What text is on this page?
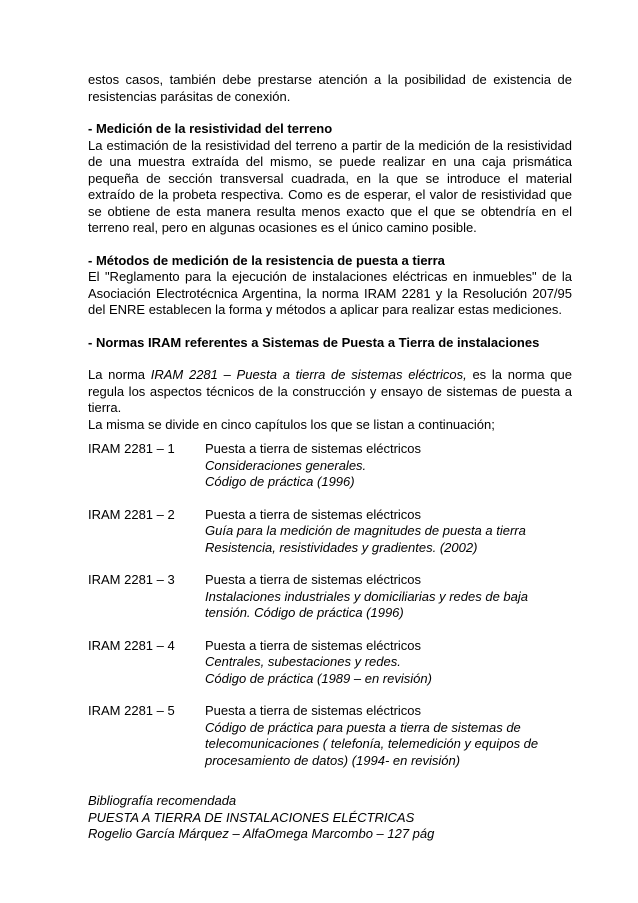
estos casos, también debe prestarse atención a la posibilidad de existencia de resistencias parásitas de conexión.

- Medición de la resistividad del terreno

La estimación de la resistividad del terreno a partir de la medición de la resistividad de una muestra extraída del mismo, se puede realizar en una caja prismática pequeña de sección transversal cuadrada, en la que se introduce el material extraído de la probeta respectiva. Como es de esperar, el valor de resistividad que se obtiene de esta manera resulta menos exacto que el que se obtendría en el terreno real, pero en algunas ocasiones es el único camino posible.

- Métodos de medición de la resistencia de puesta a tierra

El "Reglamento para la ejecución de instalaciones eléctricas en inmuebles" de la Asociación Electrotécnica Argentina, la norma IRAM 2281 y la Resolución 207/95 del ENRE establecen la forma y métodos a aplicar para realizar estas mediciones.

- Normas IRAM referentes a Sistemas de Puesta a Tierra de instalaciones

La norma IRAM 2281 – Puesta a tierra de sistemas eléctricos, es la norma que regula los aspectos técnicos de la construcción y ensayo de sistemas de puesta a tierra.

La misma se divide en cinco capítulos los que se listan a continuación;

IRAM 2281 – 1	Puesta a tierra de sistemas eléctricos
Consideraciones generales.
Código de práctica (1996)
IRAM 2281 – 2	Puesta a tierra de sistemas eléctricos
Guía para la medición de magnitudes de puesta a tierra
Resistencia, resistividades y gradientes. (2002)
IRAM 2281 – 3	Puesta a tierra de sistemas eléctricos
Instalaciones industriales y domiciliarias y redes de baja
tensión. Código de práctica (1996)
IRAM 2281 – 4	Puesta a tierra de sistemas eléctricos
Centrales, subestaciones y redes.
Código de práctica (1989 – en revisión)
IRAM 2281 – 5	Puesta a tierra de sistemas eléctricos
Código de práctica para puesta a tierra de sistemas de
telecomunicaciones ( telefonía, telemedición y equipos de
procesamiento de datos) (1994- en revisión)
Bibliografía recomendada
PUESTA A TIERRA DE INSTALACIONES ELÉCTRICAS
Rogelio García Márquez – AlfaOmega Marcombo – 127 pág
